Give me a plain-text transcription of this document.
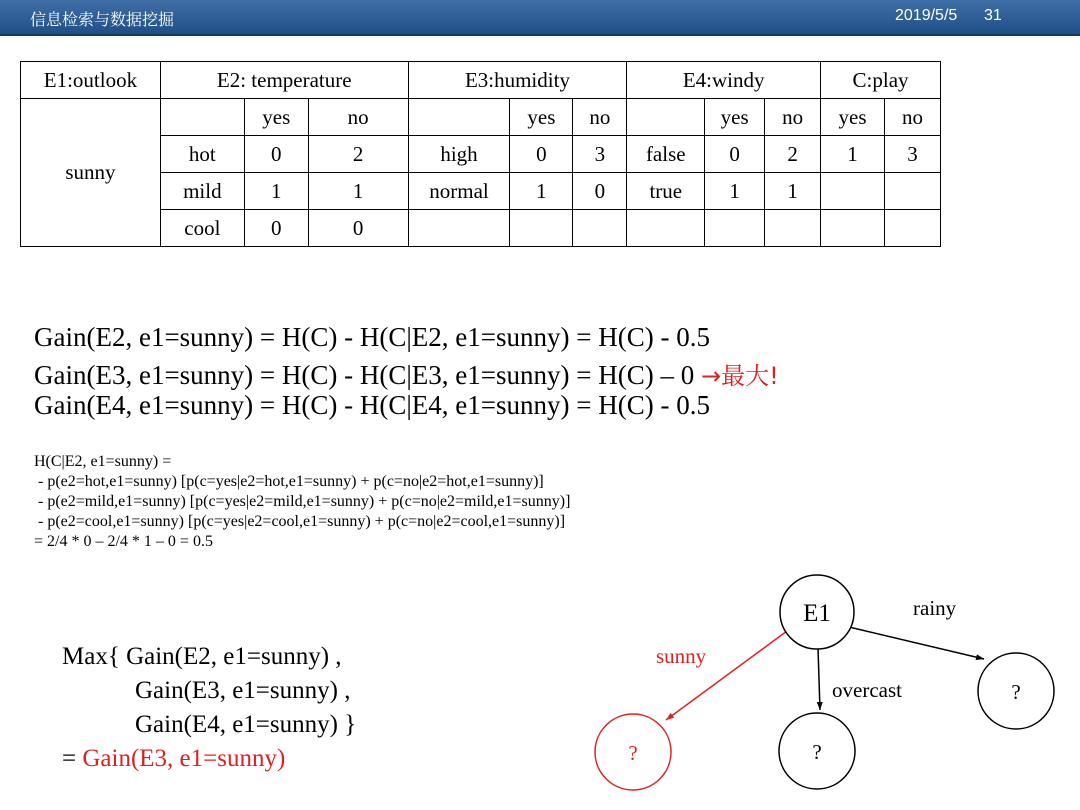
信息检索与数据挖掘	2019/5/5 31
E1:outlook	E2: temperature			E3:humidity			E4:windy			C:play	
sunny		yes	no		yes	no		yes	no	yes	no
	hot	0	2	high	0	3	false	0	2	1	3
	mild	1	1	normal	1	0	true	1	1		
	cool	0	0								
Gain(E2, e1=sunny) = H(C) - H(C|E2, e1=sunny) = H(C) - 0.5
Gain(E3, e1=sunny) = H(C) - H(C|E3, e1=sunny) = H(C) – 0 →最大!
Gain(E4, e1=sunny) = H(C) - H(C|E4, e1=sunny) = H(C) - 0.5
H(C|E2, e1=sunny) =
- p(e2=hot,e1=sunny) [p(c=yes|e2=hot,e1=sunny) + p(c=no|e2=hot,e1=sunny)]
- p(e2=mild,e1=sunny) [p(c=yes|e2=mild,e1=sunny) + p(c=no|e2=mild,e1=sunny)]
- p(e2=cool,e1=sunny) [p(c=yes|e2=cool,e1=sunny) + p(c=no|e2=cool,e1=sunny)]
= 2/4 * 0 – 2/4 * 1 – 0 = 0.5
Max{ Gain(E2, e1=sunny) ,
Gain(E3, e1=sunny) ,
Gain(E4, e1=sunny) }
= Gain(E3, e1=sunny)
E1
?	?
?
sunny
overcast
rainy
